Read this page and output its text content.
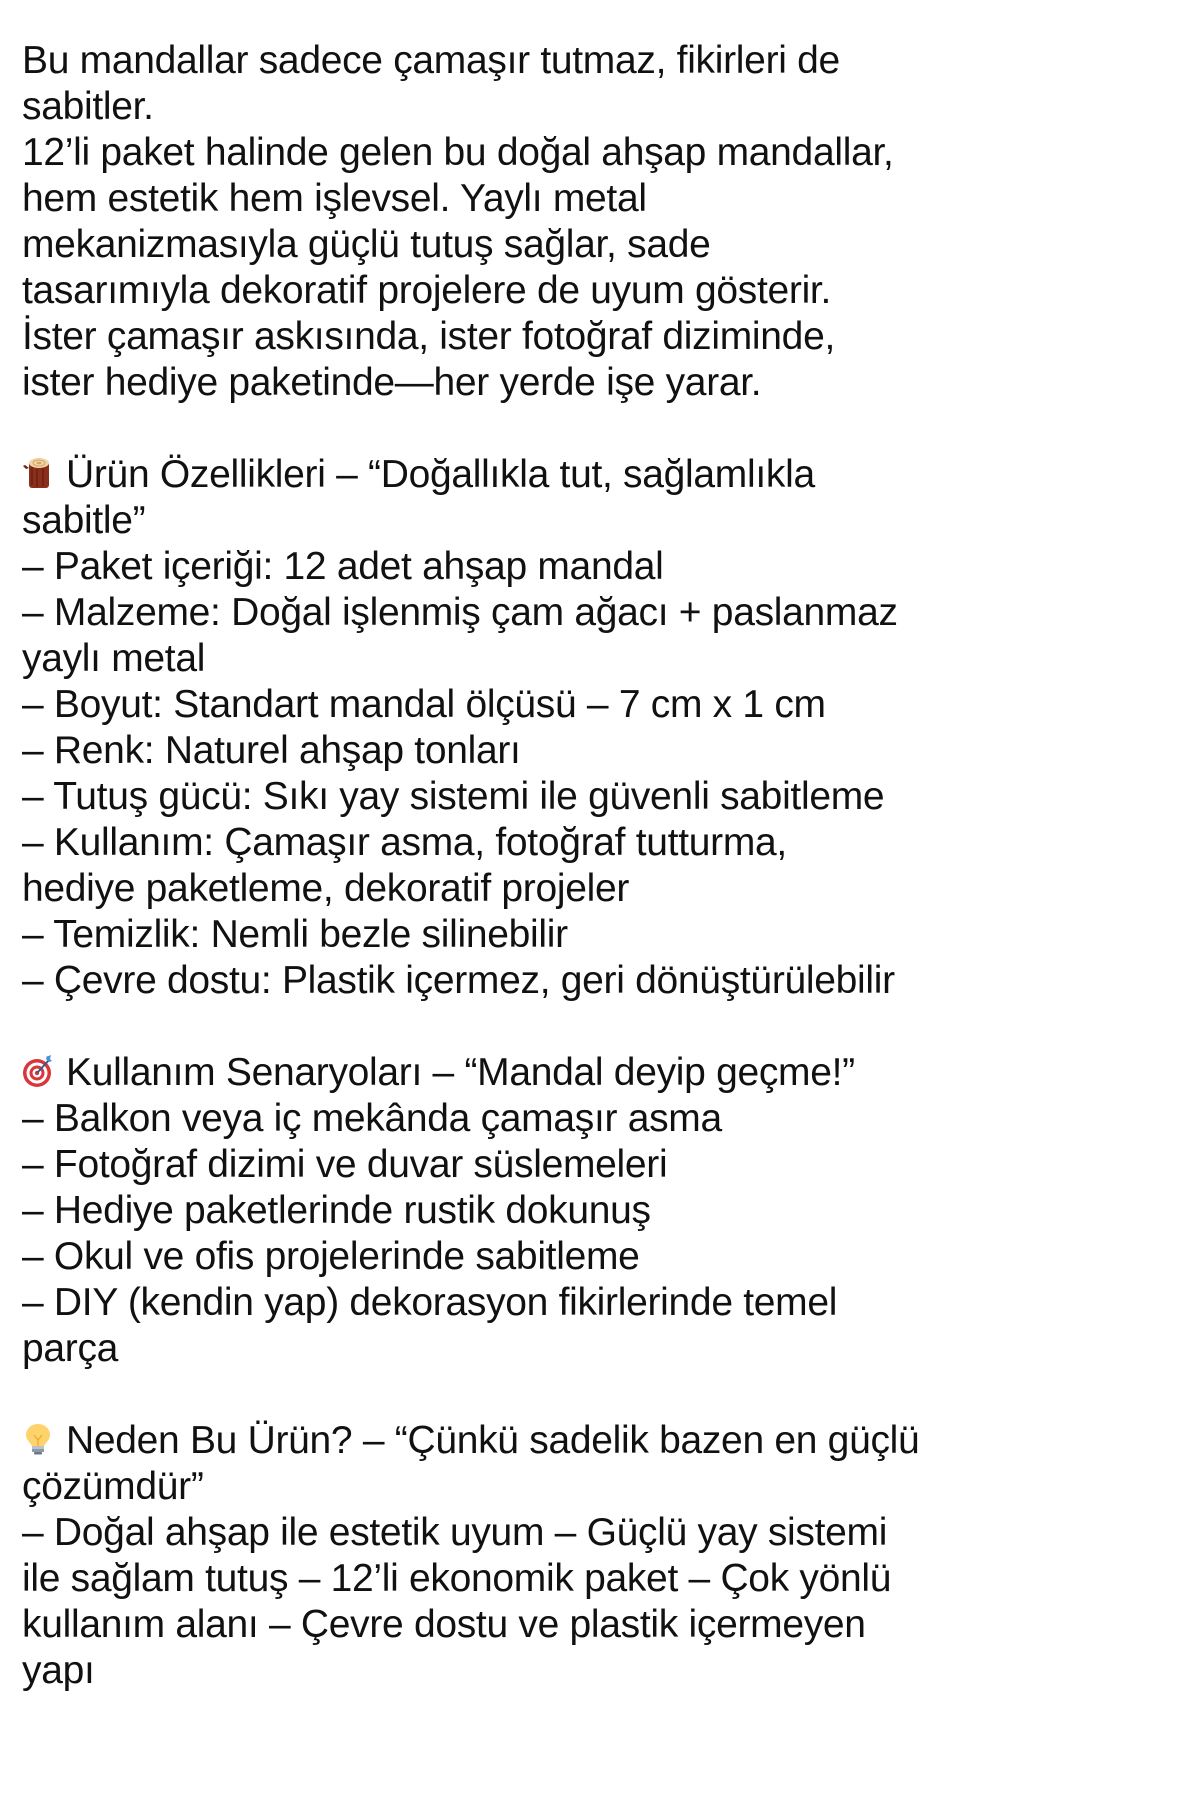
Bu mandallar sadece çamaşır tutmaz, fikirleri de
sabitler.
12’li paket halinde gelen bu doğal ahşap mandallar,
hem estetik hem işlevsel. Yaylı metal
mekanizmasıyla güçlü tutuş sağlar, sade
tasarımıyla dekoratif projelere de uyum gösterir.
İster çamaşır askısında, ister fotoğraf diziminde,
ister hediye paketinde—her yerde işe yarar.
Ürün Özellikleri – “Doğallıkla tut, sağlamlıkla
sabitle”
– Paket içeriği: 12 adet ahşap mandal
– Malzeme: Doğal işlenmiş çam ağacı + paslanmaz
yaylı metal
– Boyut: Standart mandal ölçüsü – 7 cm x 1 cm
– Renk: Naturel ahşap tonları
– Tutuş gücü: Sıkı yay sistemi ile güvenli sabitleme
– Kullanım: Çamaşır asma, fotoğraf tutturma,
hediye paketleme, dekoratif projeler
– Temizlik: Nemli bezle silinebilir
– Çevre dostu: Plastik içermez, geri dönüştürülebilir
Kullanım Senaryoları – “Mandal deyip geçme!”
– Balkon veya iç mekânda çamaşır asma
– Fotoğraf dizimi ve duvar süslemeleri
– Hediye paketlerinde rustik dokunuş
– Okul ve ofis projelerinde sabitleme
– DIY (kendin yap) dekorasyon fikirlerinde temel
parça
Neden Bu Ürün? – “Çünkü sadelik bazen en güçlü
çözümdür”
– Doğal ahşap ile estetik uyum – Güçlü yay sistemi
ile sağlam tutuş – 12’li ekonomik paket – Çok yönlü
kullanım alanı – Çevre dostu ve plastik içermeyen
yapı
